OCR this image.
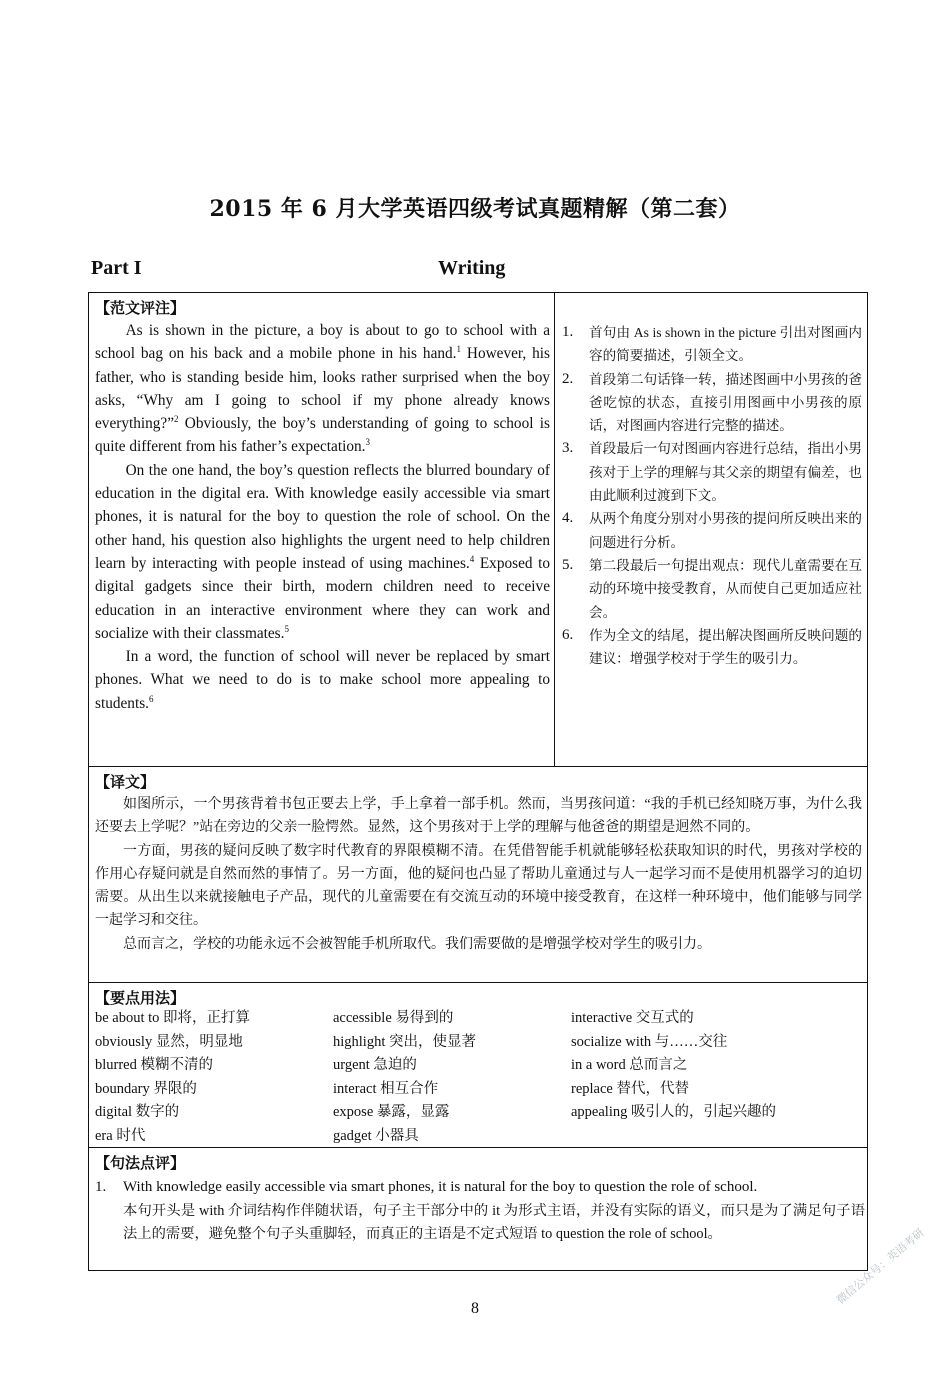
2015 年 6 月大学英语四级考试真题精解（第二套）
Part I	Writing
【范文评注】

As is shown in the picture, a boy is about to go to school with a school bag on his back and a mobile phone in his hand.$^1$ However, his father, who is standing beside him, looks rather surprised when the boy asks, “Why am I going to school if my phone already knows everything?”$^2$ Obviously, the boy’s understanding of going to school is quite different from his father’s expectation.$^3$

On the one hand, the boy’s question reflects the blurred boundary of education in the digital era. With knowledge easily accessible via smart phones, it is natural for the boy to question the role of school. On the other hand, his question also highlights the urgent need to help children learn by interacting with people instead of using machines.$^4$ Exposed to digital gadgets since their birth, modern children need to receive education in an interactive environment where they can work and socialize with their classmates.$^5$

In a word, the function of school will never be replaced by smart phones. What we need to do is to make school more appealing to students.$^6$

1. 首句由 As is shown in the picture 引出对图画内容的简要描述，引领全文。
2. 首段第二句话锋一转，描述图画中小男孩的爸爸吃惊的状态，直接引用图画中小男孩的原话，对图画内容进行完整的描述。
3. 首段最后一句对图画内容进行总结，指出小男孩对于上学的理解与其父亲的期望有偏差，也由此顺利过渡到下文。
4. 从两个角度分别对小男孩的提问所反映出来的问题进行分析。
5. 第二段最后一句提出观点：现代儿童需要在互动的环境中接受教育，从而使自己更加适应社会。
6. 作为全文的结尾，提出解决图画所反映问题的建议：增强学校对于学生的吸引力。
【译文】

如图所示，一个男孩背着书包正要去上学，手上拿着一部手机。然而，当男孩问道：“我的手机已经知晓万事，为什么我还要去上学呢？”站在旁边的父亲一脸愕然。显然，这个男孩对于上学的理解与他爸爸的期望是迥然不同的。

一方面，男孩的疑问反映了数字时代教育的界限模糊不清。在凭借智能手机就能够轻松获取知识的时代，男孩对学校的作用心存疑问就是自然而然的事情了。另一方面，他的疑问也凸显了帮助儿童通过与人一起学习而不是使用机器学习的迫切需要。从出生以来就接触电子产品，现代的儿童需要在有交流互动的环境中接受教育，在这样一种环境中，他们能够与同学一起学习和交往。

总而言之，学校的功能永远不会被智能手机所取代。我们需要做的是增强学校对学生的吸引力。

【要点用法】
be about to 即将，正打算
obviously 显然，明显地
blurred 模糊不清的
boundary 界限的
digital 数字的
era 时代
accessible 易得到的
highlight 突出，使显著
urgent 急迫的
interact 相互合作
expose 暴露，显露
gadget 小器具
interactive 交互式的
socialize with 与……交往
in a word 总而言之
replace 替代，代替
appealing 吸引人的，引起兴趣的
【句法点评】
1. With knowledge easily accessible via smart phones, it is natural for the boy to question the role of school.
本句开头是 with 介词结构作伴随状语，句子主干部分中的 it 为形式主语，并没有实际的语义，而只是为了满足句子语法上的需要，避免整个句子头重脚轻，而真正的主语是不定式短语 to question the role of school。
8
微信公众号：英语考研
